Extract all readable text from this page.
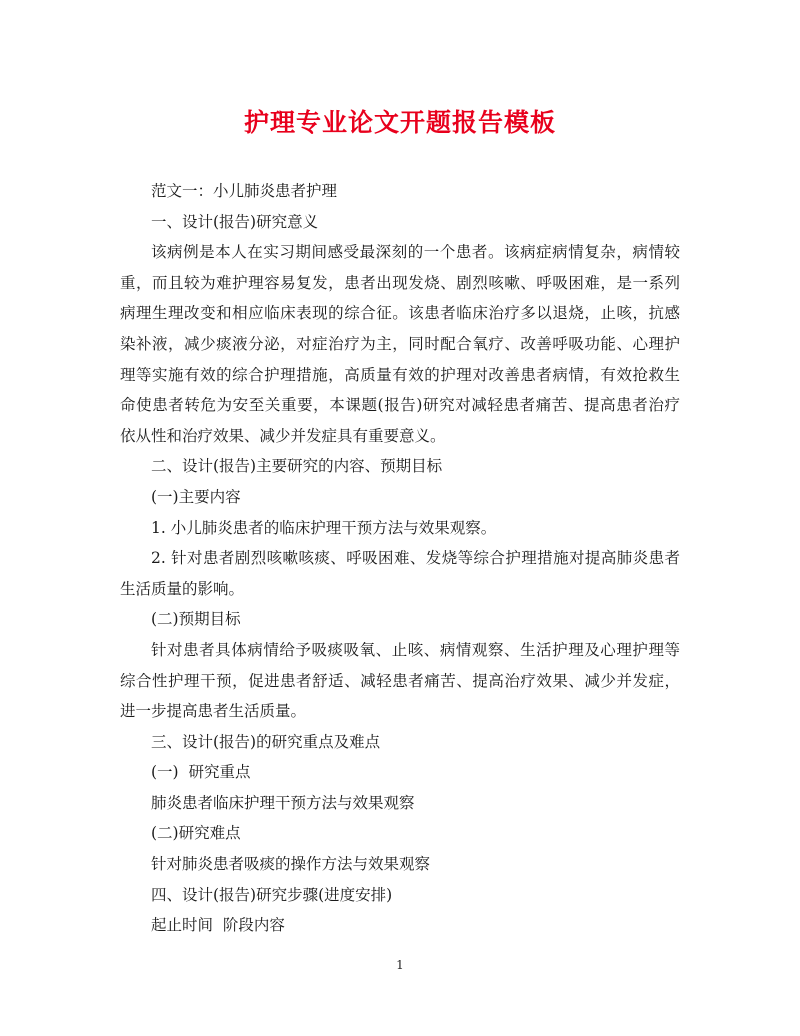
护理专业论文开题报告模板
范文一：小儿肺炎患者护理
一、设计(报告)研究意义
该病例是本人在实习期间感受最深刻的一个患者。该病症病情复杂，病情较
重，而且较为难护理容易复发，患者出现发烧、剧烈咳嗽、呼吸困难，是一系列
病理生理改变和相应临床表现的综合征。该患者临床治疗多以退烧，止咳，抗感
染补液，减少痰液分泌，对症治疗为主，同时配合氧疗、改善呼吸功能、心理护
理等实施有效的综合护理措施，高质量有效的护理对改善患者病情，有效抢救生
命使患者转危为安至关重要，本课题(报告)研究对减轻患者痛苦、提高患者治疗
依从性和治疗效果、减少并发症具有重要意义。
二、设计(报告)主要研究的内容、预期目标
(一)主要内容
1. 小儿肺炎患者的临床护理干预方法与效果观察。
2. 针对患者剧烈咳嗽咳痰、呼吸困难、发烧等综合护理措施对提高肺炎患者
生活质量的影响。
(二)预期目标
针对患者具体病情给予吸痰吸氧、止咳、病情观察、生活护理及心理护理等
综合性护理干预，促进患者舒适、减轻患者痛苦、提高治疗效果、减少并发症，
进一步提高患者生活质量。
三、设计(报告)的研究重点及难点
(一)  研究重点
肺炎患者临床护理干预方法与效果观察
(二)研究难点
针对肺炎患者吸痰的操作方法与效果观察
四、设计(报告)研究步骤(进度安排)
起止时间  阶段内容
1
